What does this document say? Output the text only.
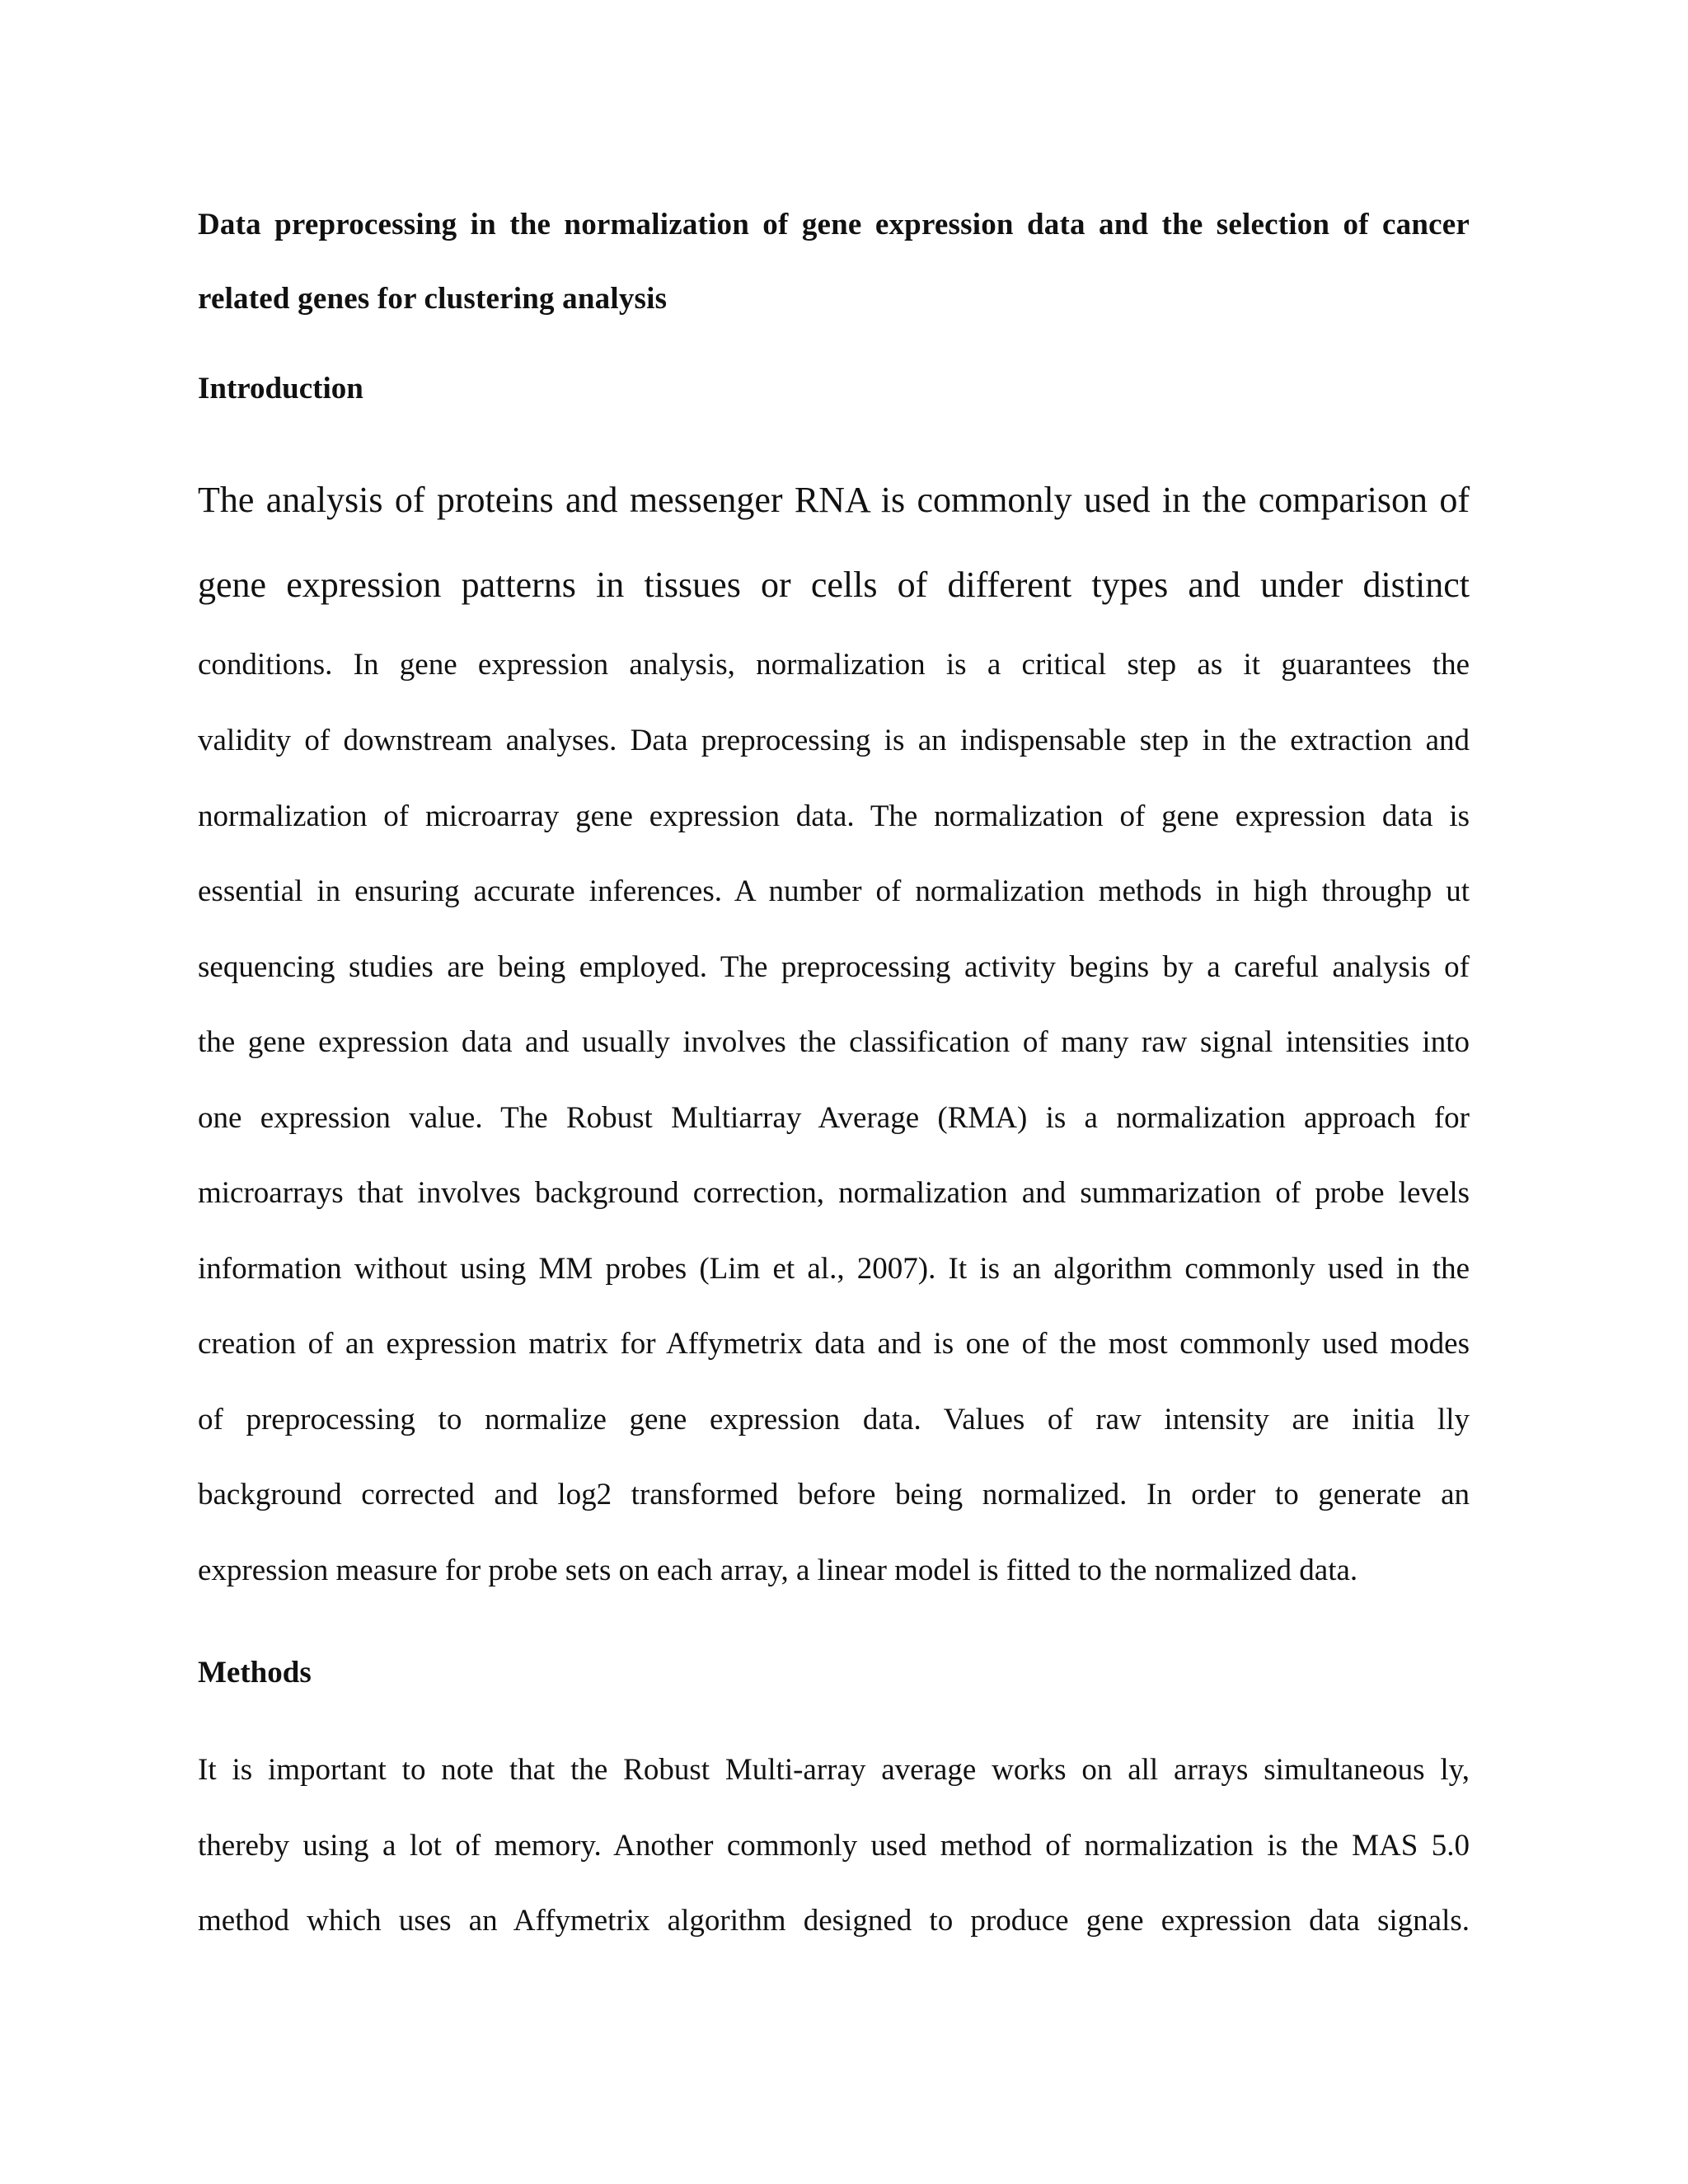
Data preprocessing in the normalization of gene expression data and the selection of cancer
related genes for clustering analysis
Introduction
The analysis of proteins and messenger RNA is commonly used in the comparison of
gene expression patterns in tissues or cells of different types and under distinct
conditions. In gene expression analysis, normalization is a critical step as it guarantees the
validity of downstream analyses. Data preprocessing is an indispensable step in the extraction and
normalization of microarray gene expression data. The normalization of gene expression data is
essential in ensuring accurate inferences. A number of normalization methods in high throughp ut
sequencing studies are being employed. The preprocessing activity begins by a careful analysis of
the gene expression data and usually involves the classification of many raw signal intensities into
one expression value. The Robust Multiarray Average (RMA) is a normalization approach for
microarrays that involves background correction, normalization and summarization of probe levels
information without using MM probes (Lim et al., 2007). It is an algorithm commonly used in the
creation of an expression matrix for Affymetrix data and is one of the most commonly used modes
of preprocessing to normalize gene expression data. Values of raw intensity are initia lly
background corrected and log2 transformed before being normalized. In order to generate an
expression measure for probe sets on each array, a linear model is fitted to the normalized data.
Methods
It is important to note that the Robust Multi-array average works on all arrays simultaneous ly,
thereby using a lot of memory. Another commonly used method of normalization is the MAS 5.0
method which uses an Affymetrix algorithm designed to produce gene expression data signals.
